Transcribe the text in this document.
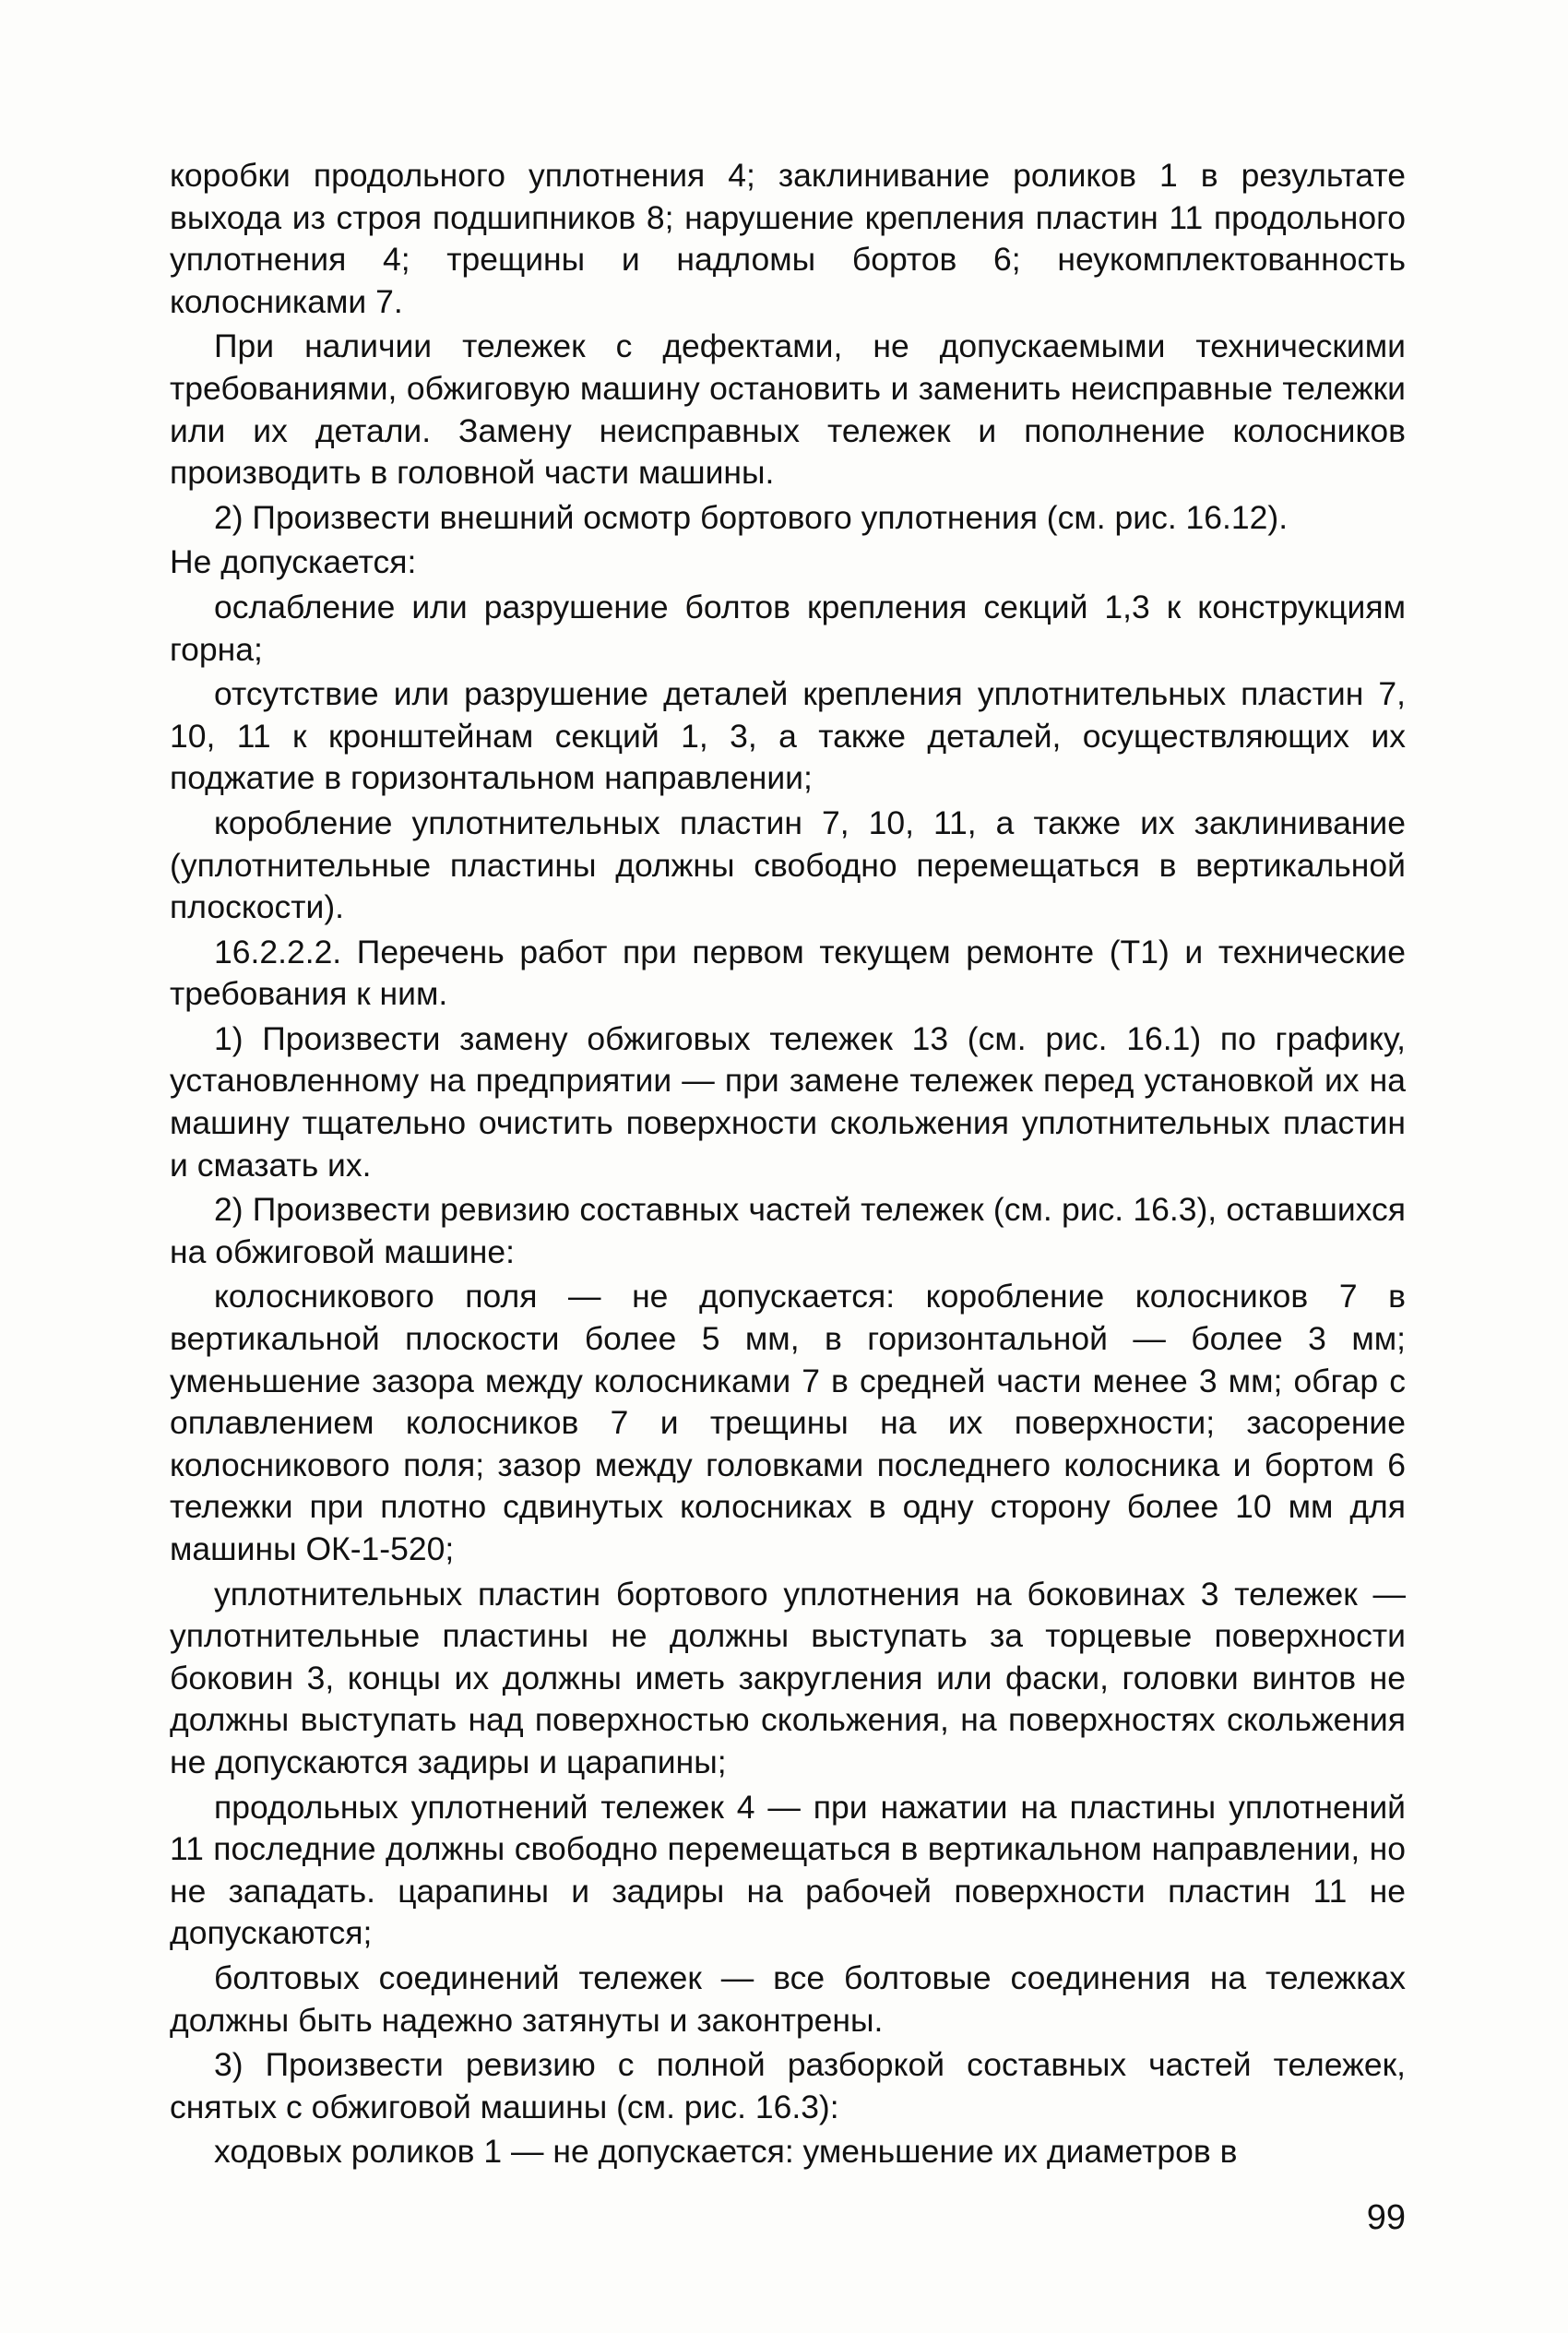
коробки продольного уплотнения 4; заклинивание роликов 1 в результате выхода из строя подшипников 8; нарушение крепления пластин 11 продольного уплотнения 4; трещины и надломы бортов 6; неукомплектованность колосниками 7.

При наличии тележек с дефектами, не допускаемыми техническими требованиями, обжиговую машину остановить и заменить неисправные тележки или их детали. Замену неисправных тележек и пополнение колосников производить в головной части машины.

2) Произвести внешний осмотр бортового уплотнения (см. рис. 16.12).

Не допускается:

ослабление или разрушение болтов крепления секций 1,3 к конструкциям горна;

отсутствие или разрушение деталей крепления уплотнительных пластин 7, 10, 11 к кронштейнам секций 1, 3, а также деталей, осуществляющих их поджатие в горизонтальном направлении;

коробление уплотнительных пластин 7, 10, 11, а также их заклинивание (уплотнительные пластины должны свободно перемещаться в вертикальной плоскости).

16.2.2.2. Перечень работ при первом текущем ремонте (Т1) и технические требования к ним.

1) Произвести замену обжиговых тележек 13 (см. рис. 16.1) по графику, установленному на предприятии — при замене тележек перед установкой их на машину тщательно очистить поверхности скольжения уплотнительных пластин и смазать их.

2) Произвести ревизию составных частей тележек (см. рис. 16.3), оставшихся на обжиговой машине:

колосникового поля — не допускается: коробление колосников 7 в вертикальной плоскости более 5 мм, в горизонтальной — более 3 мм; уменьшение зазора между колосниками 7 в средней части менее 3 мм; обгар с оплавлением колосников 7 и трещины на их поверхности; засорение колосникового поля; зазор между головками последнего колосника и бортом 6 тележки при плотно сдвинутых колосниках в одну сторону более 10 мм для машины ОК-1-520;

уплотнительных пластин бортового уплотнения на боковинах 3 тележек — уплотнительные пластины не должны выступать за торцевые поверхности боковин 3, концы их должны иметь закругления или фаски, головки винтов не должны выступать над поверхностью скольжения, на поверхностях скольжения не допускаются задиры и царапины;

продольных уплотнений тележек 4 — при нажатии на пластины уплотнений 11 последние должны свободно перемещаться в вертикальном направлении, но не западать. царапины и задиры на рабочей поверхности пластин 11 не допускаются;

болтовых соединений тележек — все болтовые соединения на тележках должны быть надежно затянуты и законтрены.

3) Произвести ревизию с полной разборкой составных частей тележек, снятых с обжиговой машины (см. рис. 16.3):

ходовых роликов 1 — не допускается: уменьшение их диаметров в

99
